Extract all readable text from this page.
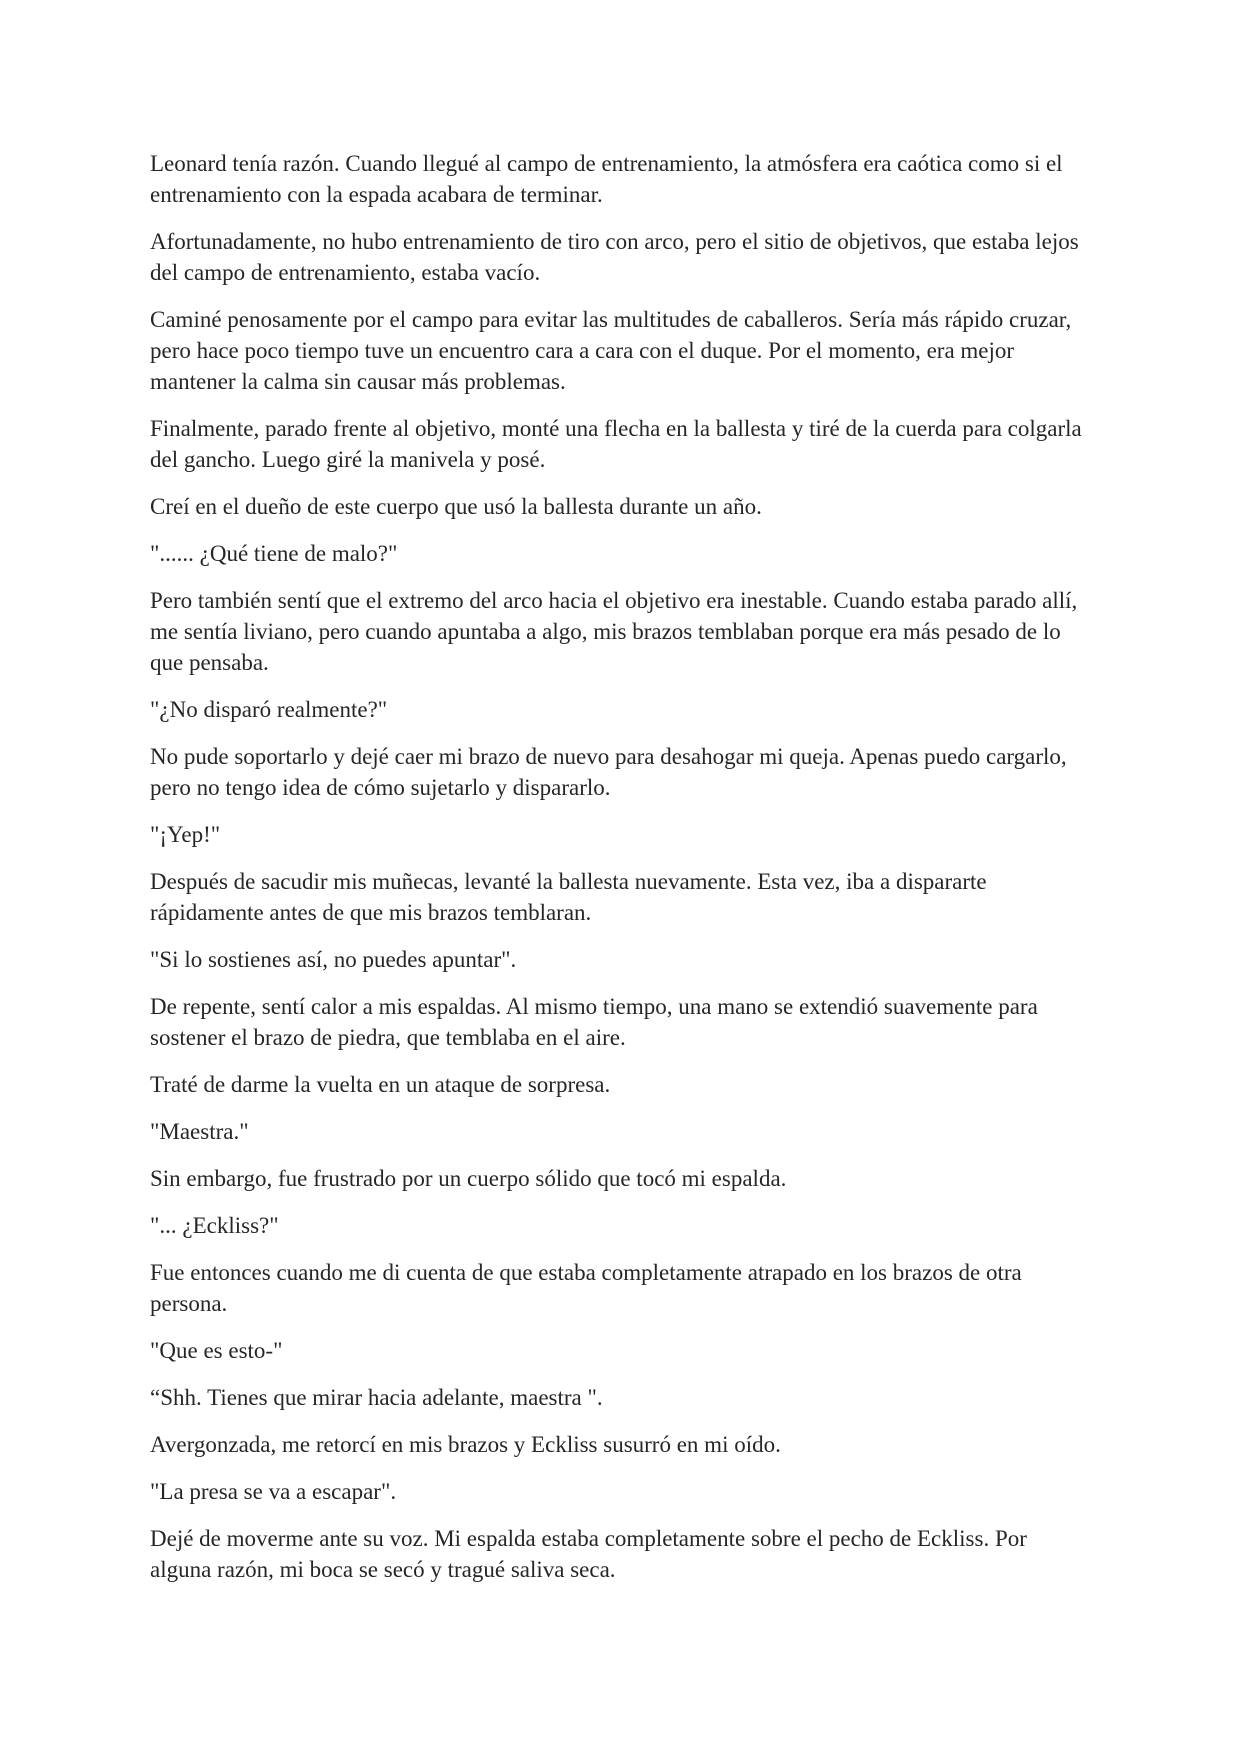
Leonard tenía razón. Cuando llegué al campo de entrenamiento, la atmósfera era caótica como si el entrenamiento con la espada acabara de terminar.

Afortunadamente, no hubo entrenamiento de tiro con arco, pero el sitio de objetivos, que estaba lejos del campo de entrenamiento, estaba vacío.

Caminé penosamente por el campo para evitar las multitudes de caballeros. Sería más rápido cruzar, pero hace poco tiempo tuve un encuentro cara a cara con el duque. Por el momento, era mejor mantener la calma sin causar más problemas.

Finalmente, parado frente al objetivo, monté una flecha en la ballesta y tiré de la cuerda para colgarla del gancho. Luego giré la manivela y posé.

Creí en el dueño de este cuerpo que usó la ballesta durante un año.

"...... ¿Qué tiene de malo?"

Pero también sentí que el extremo del arco hacia el objetivo era inestable. Cuando estaba parado allí, me sentía liviano, pero cuando apuntaba a algo, mis brazos temblaban porque era más pesado de lo que pensaba.

"¿No disparó realmente?"

No pude soportarlo y dejé caer mi brazo de nuevo para desahogar mi queja. Apenas puedo cargarlo, pero no tengo idea de cómo sujetarlo y dispararlo.

"¡Yep!"

Después de sacudir mis muñecas, levanté la ballesta nuevamente. Esta vez, iba a dispararte rápidamente antes de que mis brazos temblaran.

"Si lo sostienes así, no puedes apuntar".

De repente, sentí calor a mis espaldas. Al mismo tiempo, una mano se extendió suavemente para sostener el brazo de piedra, que temblaba en el aire.

Traté de darme la vuelta en un ataque de sorpresa.

"Maestra."

Sin embargo, fue frustrado por un cuerpo sólido que tocó mi espalda.

"... ¿Eckliss?"

Fue entonces cuando me di cuenta de que estaba completamente atrapado en los brazos de otra persona.

"Que es esto-"

“Shh. Tienes que mirar hacia adelante, maestra ".

Avergonzada, me retorcí en mis brazos y Eckliss susurró en mi oído.

"La presa se va a escapar".

Dejé de moverme ante su voz. Mi espalda estaba completamente sobre el pecho de Eckliss. Por alguna razón, mi boca se secó y tragué saliva seca.
